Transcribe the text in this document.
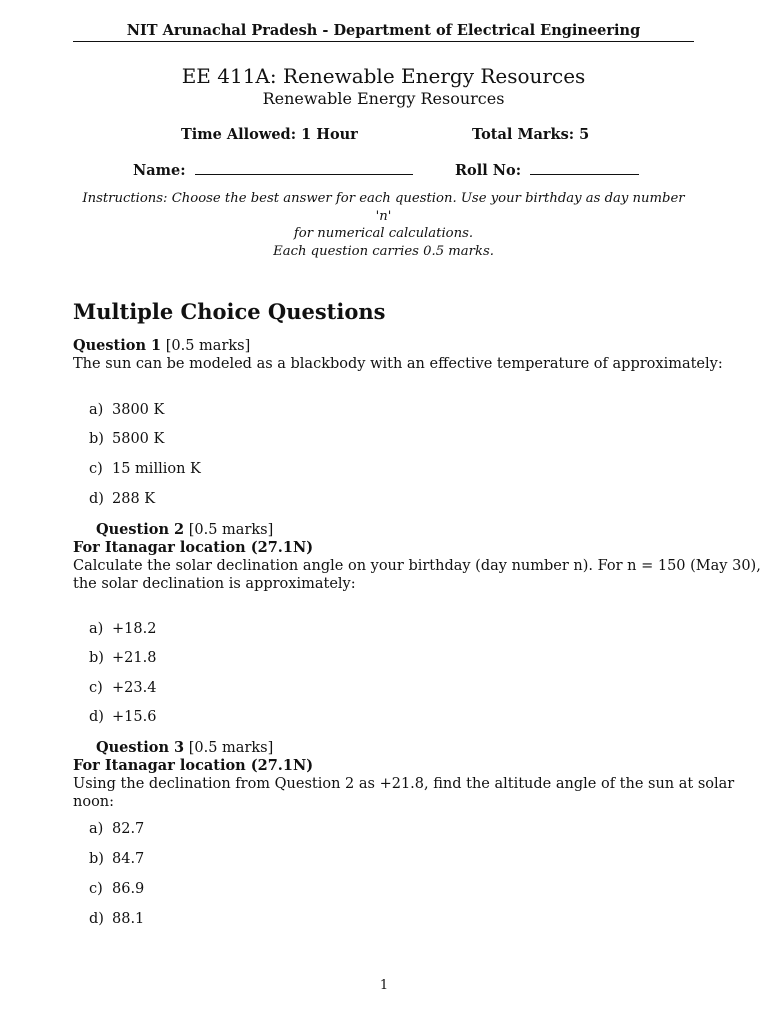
NIT Arunachal Pradesh - Department of Electrical Engineering
EE 411A: Renewable Energy Resources
Renewable Energy Resources
Time Allowed: 1 Hour	Total Marks: 5
Name:	Roll No:
Instructions: Choose the best answer for each question. Use your birthday as day number 'n'
for numerical calculations.
Each question carries 0.5 marks.
Multiple Choice Questions
Question 1 [0.5 marks]
The sun can be modeled as a blackbody with an effective temperature of approximately:
a) 3800 K
b) 5800 K
c) 15 million K
d) 288 K
Question 2 [0.5 marks]
For Itanagar location (27.1N)
Calculate the solar declination angle on your birthday (day number n). For n = 150 (May 30),
the solar declination is approximately:
a) +18.2
b) +21.8
c) +23.4
d) +15.6
Question 3 [0.5 marks]
For Itanagar location (27.1N)
Using the declination from Question 2 as +21.8, find the altitude angle of the sun at solar noon:
a) 82.7
b) 84.7
c) 86.9
d) 88.1
1
